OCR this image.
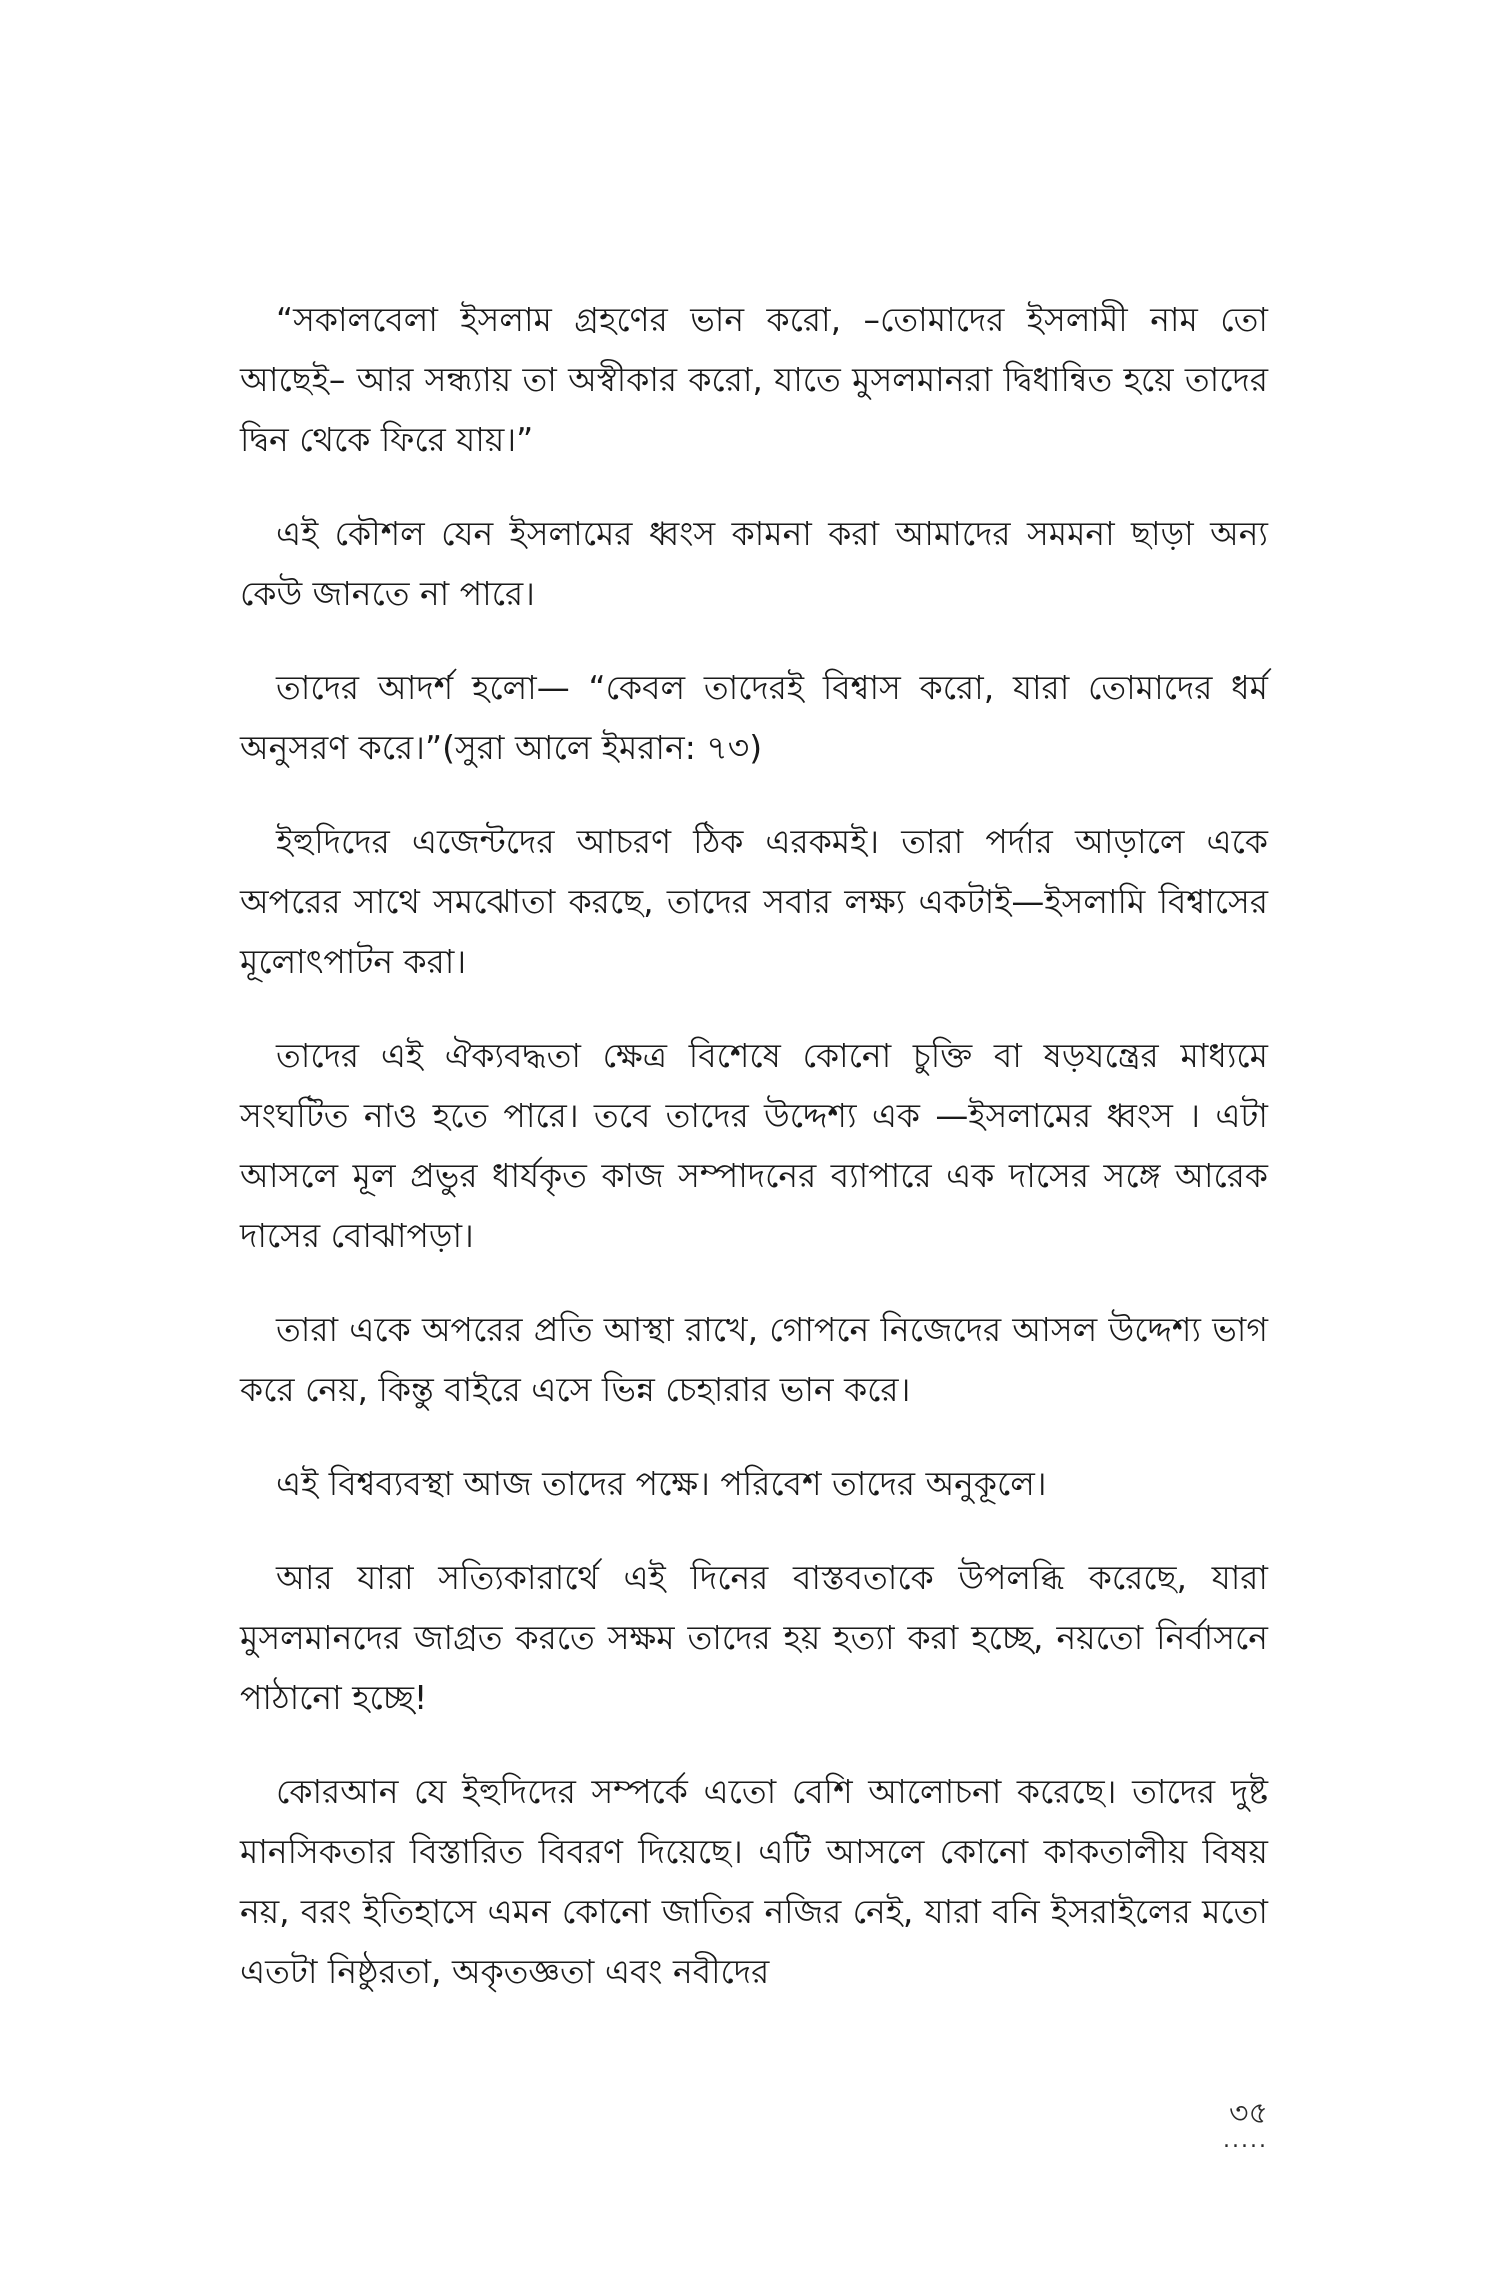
“সকালবেলা ইসলাম গ্রহণের ভান করো, –তোমাদের ইসলামী নাম তো আছেই– আর সন্ধ্যায় তা অস্বীকার করো, যাতে মুসলমানরা দ্বিধান্বিত হয়ে তাদের দ্বিন থেকে ফিরে যায়।”

এই কৌশল যেন ইসলামের ধ্বংস কামনা করা আমাদের সমমনা ছাড়া অন্য কেউ জানতে না পারে।

তাদের আদর্শ হলো— “কেবল তাদেরই বিশ্বাস করো, যারা তোমাদের ধর্ম অনুসরণ করে।”(সুরা আলে ইমরান: ৭৩)

ইহুদিদের এজেন্টদের আচরণ ঠিক এরকমই। তারা পর্দার আড়ালে একে অপরের সাথে সমঝোতা করছে, তাদের সবার লক্ষ্য একটাই—ইসলামি বিশ্বাসের মূলোৎপাটন করা।

তাদের এই ঐক্যবদ্ধতা ক্ষেত্র বিশেষে কোনো চুক্তি বা ষড়যন্ত্রের মাধ্যমে সংঘটিত নাও হতে পারে। তবে তাদের উদ্দেশ্য এক —ইসলামের ধ্বংস । এটা আসলে মূল প্রভুর ধার্যকৃত কাজ সম্পাদনের ব্যাপারে এক দাসের সঙ্গে আরেক দাসের বোঝাপড়া।

তারা একে অপরের প্রতি আস্থা রাখে, গোপনে নিজেদের আসল উদ্দেশ্য ভাগ করে নেয়, কিন্তু বাইরে এসে ভিন্ন চেহারার ভান করে।

এই বিশ্বব্যবস্থা আজ তাদের পক্ষে। পরিবেশ তাদের অনুকূলে।

আর যারা সত্যিকারার্থে এই দিনের বাস্তবতাকে উপলব্ধি করেছে, যারা মুসলমানদের জাগ্রত করতে সক্ষম তাদের হয় হত্যা করা হচ্ছে, নয়তো নির্বাসনে পাঠানো হচ্ছে!

কোরআন যে ইহুদিদের সম্পর্কে এতো বেশি আলোচনা করেছে। তাদের দুষ্ট মানসিকতার বিস্তারিত বিবরণ দিয়েছে। এটি আসলে কোনো কাকতালীয় বিষয় নয়, বরং ইতিহাসে এমন কোনো জাতির নজির নেই, যারা বনি ইসরাইলের মতো এতটা নিষ্ঠুরতা, অকৃতজ্ঞতা এবং নবীদের

৩৫
.....
